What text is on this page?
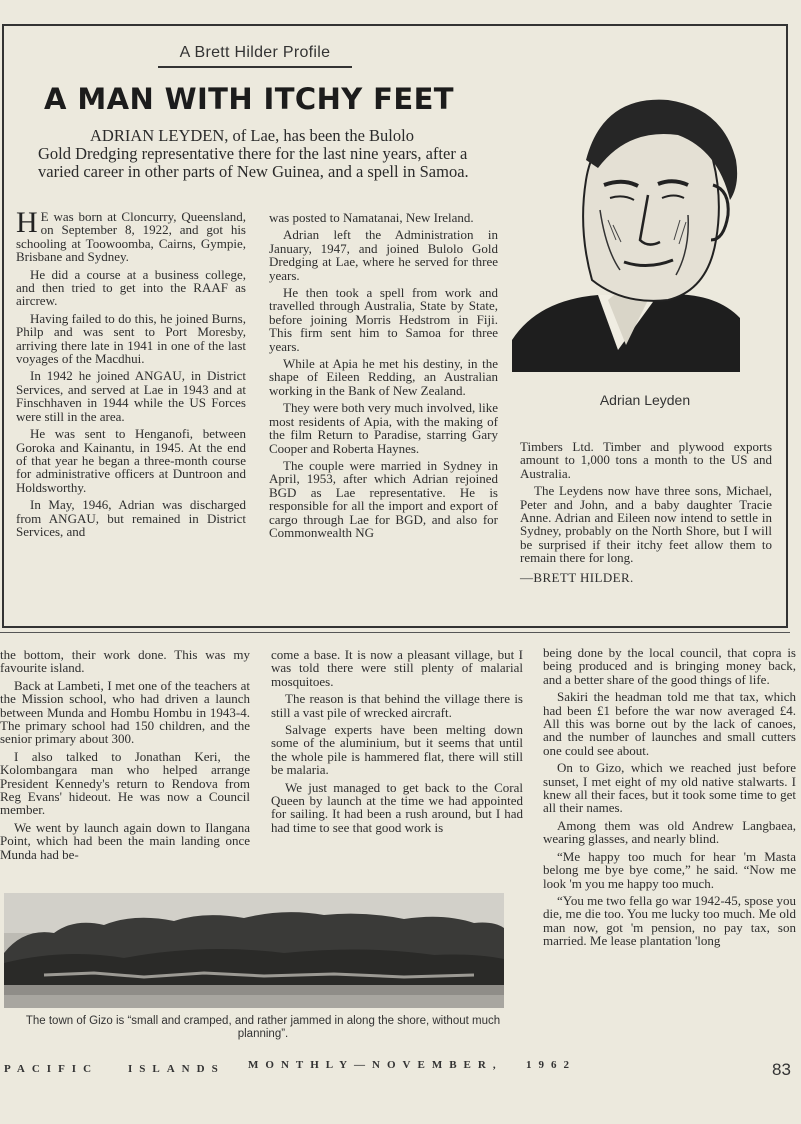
A Brett Hilder Profile
A MAN WITH ITCHY FEET
ADRIAN LEYDEN, of Lae, has been the Bulolo
Gold Dredging representative there for the last nine years, after a varied career in other parts of New Guinea, and a spell in Samoa.

H E was born at Cloncurry, Queensland, on September 8, 1922, and got his schooling at Toowoomba, Cairns, Gympie, Brisbane and Sydney.

He did a course at a business college, and then tried to get into the RAAF as aircrew.

Having failed to do this, he joined Burns, Philp and was sent to Port Moresby, arriving there late in 1941 in one of the last voyages of the Macdhui.

In 1942 he joined ANGAU, in District Services, and served at Lae in 1943 and at Finschhaven in 1944 while the US Forces were still in the area.

He was sent to Henganofi, between Goroka and Kainantu, in 1945. At the end of that year he began a three-month course for administrative officers at Duntroon and Holdsworthy.

In May, 1946, Adrian was discharged from ANGAU, but remained in District Services, and

was posted to Namatanai, New Ireland.

Adrian left the Administration in January, 1947, and joined Bulolo Gold Dredging at Lae, where he served for three years.

He then took a spell from work and travelled through Australia, State by State, before joining Morris Hedstrom in Fiji. This firm sent him to Samoa for three years.

While at Apia he met his destiny, in the shape of Eileen Redding, an Australian working in the Bank of New Zealand.

They were both very much involved, like most residents of Apia, with the making of the film Return to Paradise, starring Gary Cooper and Roberta Haynes.

The couple were married in Sydney in April, 1953, after which Adrian rejoined BGD as Lae representative. He is responsible for all the import and export of cargo through Lae for BGD, and also for Commonwealth NG

Adrian Leyden

Timbers Ltd. Timber and plywood exports amount to 1,000 tons a month to the US and Australia.

The Leydens now have three sons, Michael, Peter and John, and a baby daughter Tracie Anne. Adrian and Eileen now intend to settle in Sydney, probably on the North Shore, but I will be surprised if their itchy feet allow them to remain there for long.

—BRETT HILDER.

the bottom, their work done. This was my favourite island.

Back at Lambeti, I met one of the teachers at the Mission school, who had driven a launch between Munda and Hombu Hombu in 1943-4. The primary school had 150 children, and the senior primary about 300.

I also talked to Jonathan Keri, the Kolombangara man who helped arrange President Kennedy's return to Rendova from Reg Evans' hideout. He was now a Council member.

We went by launch again down to Ilangana Point, which had been the main landing once Munda had be-

come a base. It is now a pleasant village, but I was told there were still plenty of malarial mosquitoes.

The reason is that behind the village there is still a vast pile of wrecked aircraft.

Salvage experts have been melting down some of the aluminium, but it seems that until the whole pile is hammered flat, there will still be malaria.

We just managed to get back to the Coral Queen by launch at the time we had appointed for sailing. It had been a rush around, but I had had time to see that good work is

being done by the local council, that copra is being produced and is bringing money back, and a better share of the good things of life.

Sakiri the headman told me that tax, which had been £1 before the war now averaged £4. All this was borne out by the lack of canoes, and the number of launches and small cutters one could see about.

On to Gizo, which we reached just before sunset, I met eight of my old native stalwarts. I knew all their faces, but it took some time to get all their names.

Among them was old Andrew Langbaea, wearing glasses, and nearly blind.

“Me happy too much for hear 'm Masta belong me bye bye come,” he said. “Now me look 'm you me happy too much.

“You me two fella go war 1942-45, spose you die, me die too. You me lucky too much. Me old man now, got 'm pension, no pay tax, son married. Me lease plantation 'long

The town of Gizo is “small and cramped, and rather jammed in along the shore, without much planning”.
PACIFIC	ISLANDS MONTHLY—NOVEMBER, 1962	83
